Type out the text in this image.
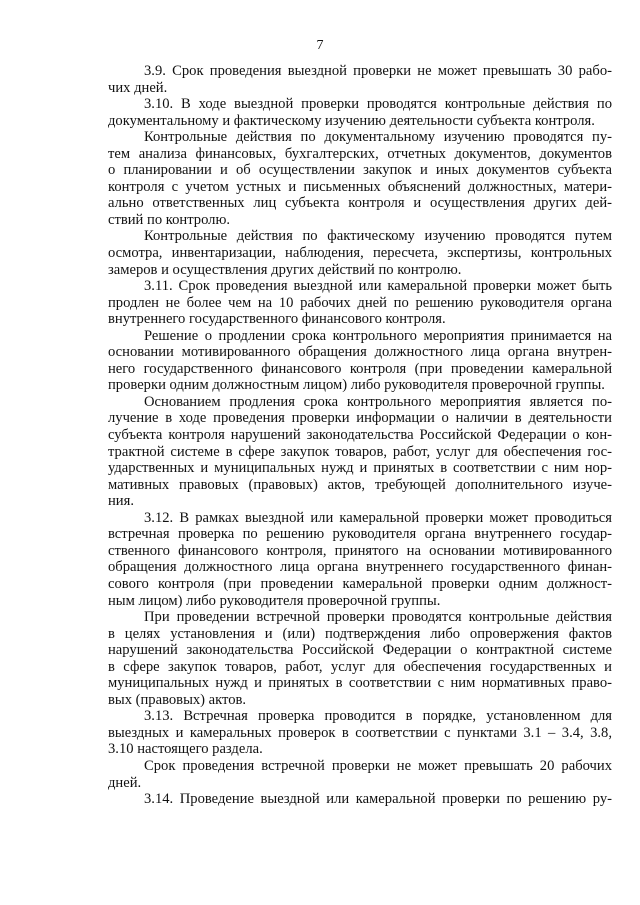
7
3.9. Срок проведения выездной проверки не может превышать 30 рабо-
чих дней.
3.10. В ходе выездной проверки проводятся контрольные действия по
документальному и фактическому изучению деятельности субъекта контроля.
Контрольные действия по документальному изучению проводятся пу-
тем анализа финансовых, бухгалтерских, отчетных документов, документов
о планировании и об осуществлении закупок и иных документов субъекта
контроля с учетом устных и письменных объяснений должностных, матери-
ально ответственных лиц субъекта контроля и осуществления других дей-
ствий по контролю.
Контрольные действия по фактическому изучению проводятся путем
осмотра, инвентаризации, наблюдения, пересчета, экспертизы, контрольных
замеров и осуществления других действий по контролю.
3.11. Срок проведения выездной или камеральной проверки может быть
продлен не более чем на 10 рабочих дней по решению руководителя органа
внутреннего государственного финансового контроля.
Решение о продлении срока контрольного мероприятия принимается на
основании мотивированного обращения должностного лица органа внутрен-
него государственного финансового контроля (при проведении камеральной
проверки одним должностным лицом) либо руководителя проверочной группы.
Основанием продления срока контрольного мероприятия является по-
лучение в ходе проведения проверки информации о наличии в деятельности
субъекта контроля нарушений законодательства Российской Федерации о кон-
трактной системе в сфере закупок товаров, работ, услуг для обеспечения гос-
ударственных и муниципальных нужд и принятых в соответствии с ним нор-
мативных правовых (правовых) актов, требующей дополнительного изуче-
ния.
3.12. В рамках выездной или камеральной проверки может проводиться
встречная проверка по решению руководителя органа внутреннего государ-
ственного финансового контроля, принятого на основании мотивированного
обращения должностного лица органа внутреннего государственного финан-
сового контроля (при проведении камеральной проверки одним должност-
ным лицом) либо руководителя проверочной группы.
При проведении встречной проверки проводятся контрольные действия
в целях установления и (или) подтверждения либо опровержения фактов
нарушений законодательства Российской Федерации о контрактной системе
в сфере закупок товаров, работ, услуг для обеспечения государственных и
муниципальных нужд и принятых в соответствии с ним нормативных право-
вых (правовых) актов.
3.13. Встречная проверка проводится в порядке, установленном для
выездных и камеральных проверок в соответствии с пунктами 3.1 – 3.4, 3.8,
3.10 настоящего раздела.
Срок проведения встречной проверки не может превышать 20 рабочих
дней.
3.14. Проведение выездной или камеральной проверки по решению ру-
